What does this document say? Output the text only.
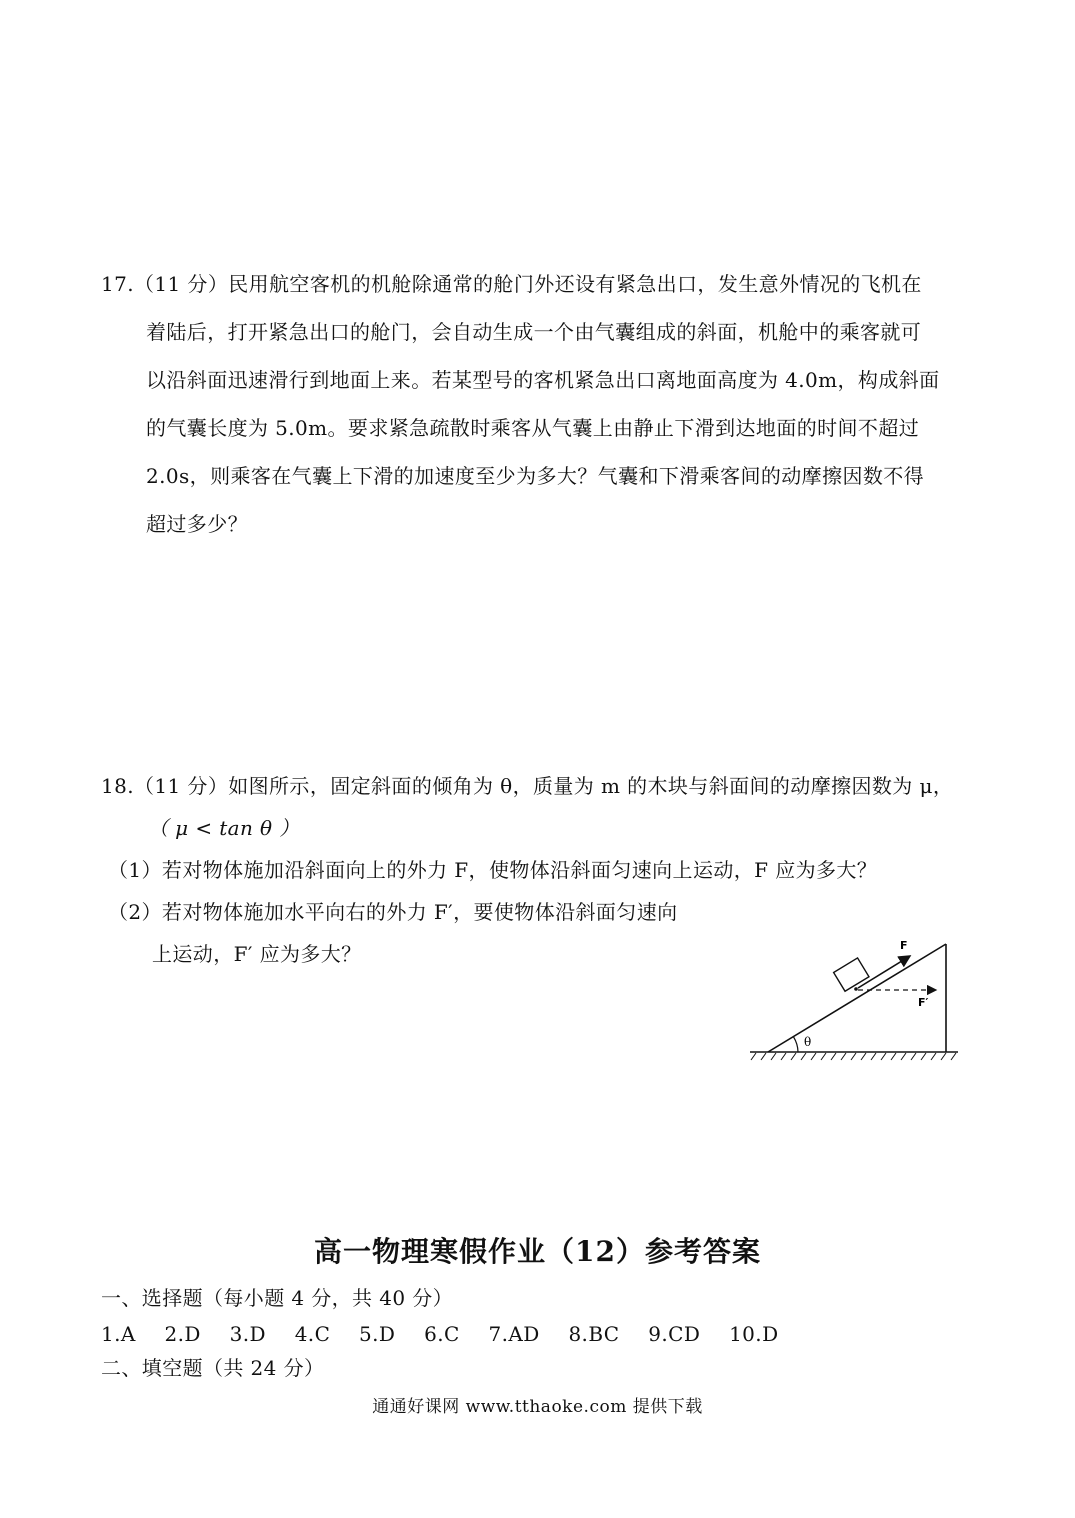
17.（11 分）民用航空客机的机舱除通常的舱门外还设有紧急出口，发生意外情况的飞机在
着陆后，打开紧急出口的舱门，会自动生成一个由气囊组成的斜面，机舱中的乘客就可
以沿斜面迅速滑行到地面上来。若某型号的客机紧急出口离地面高度为 4.0m，构成斜面
的气囊长度为 5.0m。要求紧急疏散时乘客从气囊上由静止下滑到达地面的时间不超过
2.0s，则乘客在气囊上下滑的加速度至少为多大？气囊和下滑乘客间的动摩擦因数不得
超过多少？
18.（11 分）如图所示，固定斜面的倾角为 θ，质量为 m 的木块与斜面间的动摩擦因数为 μ，
（ μ < tan θ ）
（1）若对物体施加沿斜面向上的外力 F，使物体沿斜面匀速向上运动，F 应为多大？
（2）若对物体施加水平向右的外力 F′，要使物体沿斜面匀速向
上运动，F′ 应为多大？
θ
F
F′
高一物理寒假作业（12）参考答案
一、选择题（每小题 4 分，共 40 分）
1.A 2.D 3.D 4.C 5.D 6.C 7.AD 8.BC 9.CD 10.D
二、填空题（共 24 分）
通通好课网 www.tthaoke.com 提供下载
